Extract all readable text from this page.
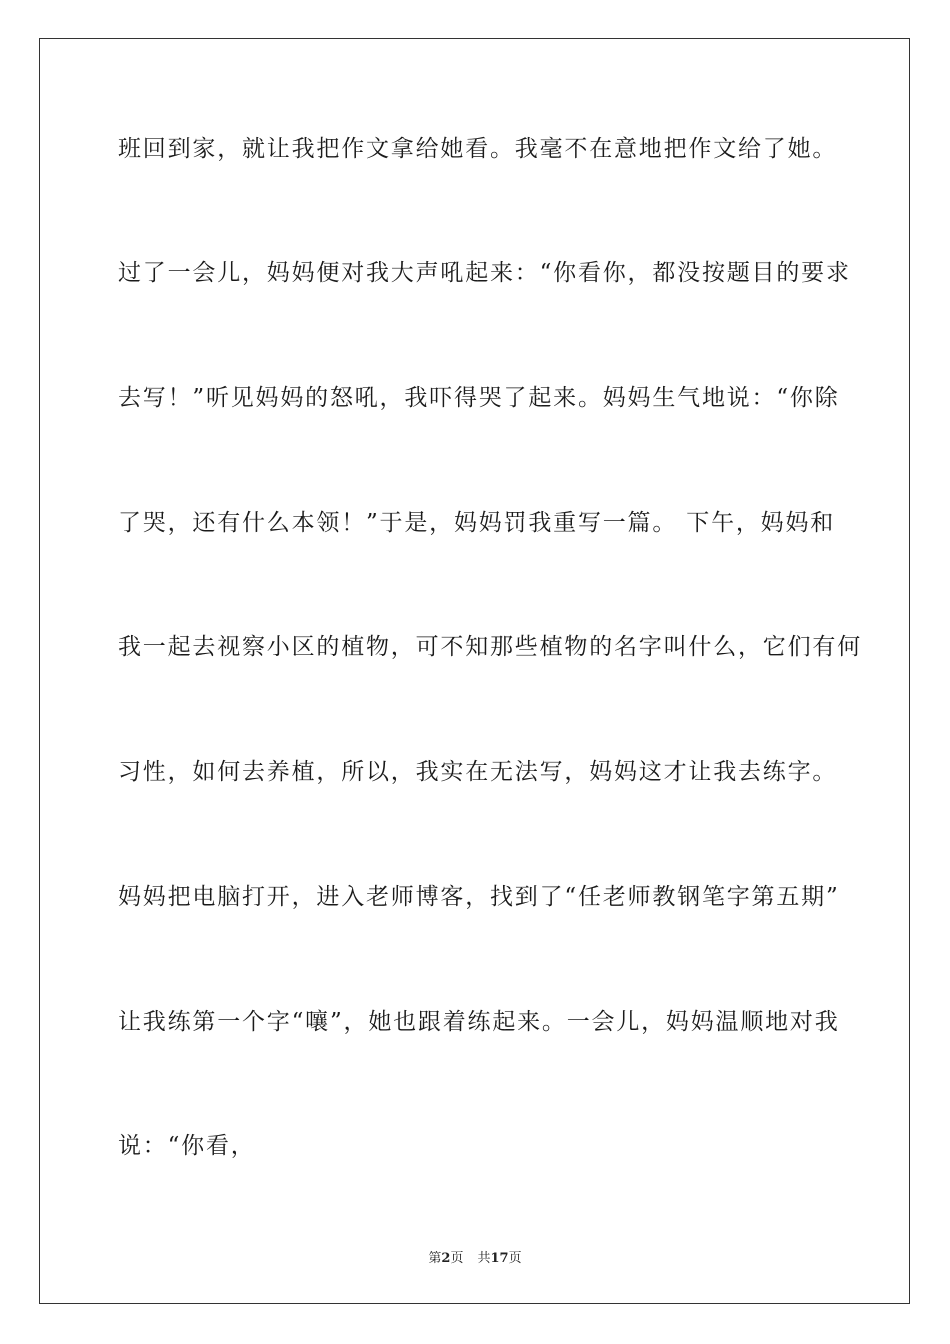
班回到家，就让我把作文拿给她看。我毫不在意地把作文给了她。
过了一会儿，妈妈便对我大声吼起来：“你看你，都没按题目的要求
去写！”听见妈妈的怒吼，我吓得哭了起来。妈妈生气地说：“你除
了哭，还有什么本领！”于是，妈妈罚我重写一篇。 下午，妈妈和
我一起去视察小区的植物，可不知那些植物的名字叫什么，它们有何
习性，如何去养植，所以，我实在无法写，妈妈这才让我去练字。
妈妈把电脑打开，进入老师博客，找到了“任老师教钢笔字第五期”
让我练第一个字“嚷”，她也跟着练起来。一会儿，妈妈温顺地对我
说：“你看，
第2页 共17页
